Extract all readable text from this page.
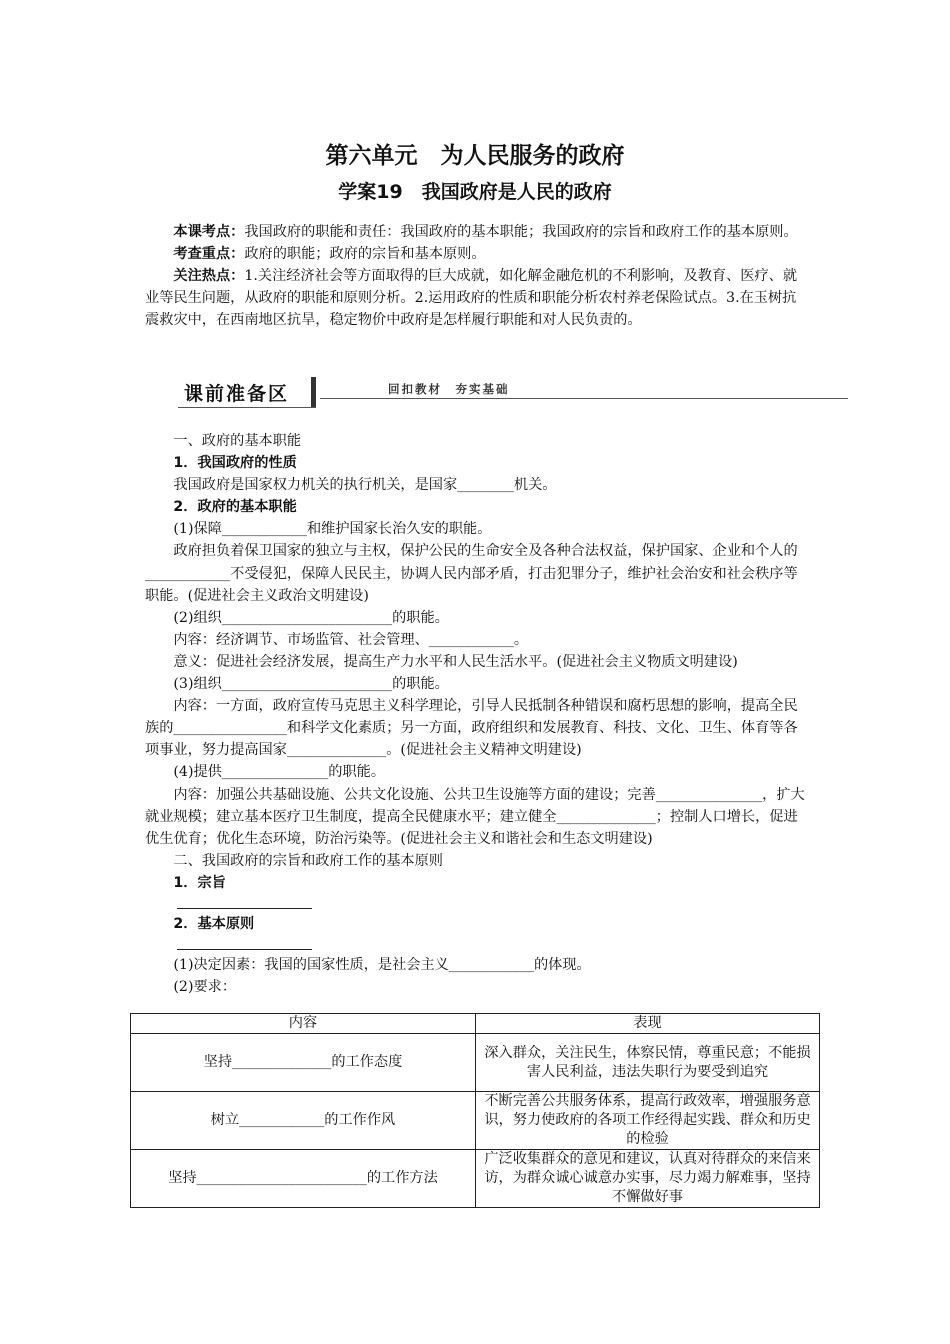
第六单元　为人民服务的政府
学案19　我国政府是人民的政府

本课考点：我国政府的职能和责任：我国政府的基本职能；我国政府的宗旨和政府工作的基本原则。

考查重点：政府的职能；政府的宗旨和基本原则。

关注热点：1.关注经济社会等方面取得的巨大成就，如化解金融危机的不利影响，及教育、医疗、就业等民生问题，从政府的职能和原则分析。2.运用政府的性质和职能分析农村养老保险试点。3.在玉树抗震救灾中，在西南地区抗旱，稳定物价中政府是怎样履行职能和对人民负责的。

课前准备区	回扣教材　夯实基础

一、政府的基本职能

1．我国政府的性质

我国政府是国家权力机关的执行机关，是国家________机关。

2．政府的基本职能

(1)保障____________和维护国家长治久安的职能。

政府担负着保卫国家的独立与主权，保护公民的生命安全及各种合法权益，保护国家、企业和个人的____________不受侵犯，保障人民民主，协调人民内部矛盾，打击犯罪分子，维护社会治安和社会秩序等职能。(促进社会主义政治文明建设)

(2)组织________________________的职能。

内容：经济调节、市场监管、社会管理、____________。

意义：促进社会经济发展，提高生产力水平和人民生活水平。(促进社会主义物质文明建设)

(3)组织________________________的职能。

内容：一方面，政府宣传马克思主义科学理论，引导人民抵制各种错误和腐朽思想的影响，提高全民族的________________和科学文化素质；另一方面，政府组织和发展教育、科技、文化、卫生、体育等各项事业，努力提高国家______________。(促进社会主义精神文明建设)

(4)提供_______________的职能。

内容：加强公共基础设施、公共文化设施、公共卫生设施等方面的建设；完善_______________，扩大就业规模；建立基本医疗卫生制度，提高全民健康水平；建立健全______________；控制人口增长，促进优生优育；优化生态环境，防治污染等。(促进社会主义和谐社会和生态文明建设)

二、我国政府的宗旨和政府工作的基本原则

1．宗旨

2．基本原则

(1)决定因素：我国的国家性质，是社会主义____________的体现。

(2)要求：

内容	表现
坚持______________的工作态度	深入群众，关注民生，体察民情，尊重民意；不能损害人民利益，违法失职行为要受到追究
树立____________的工作作风	不断完善公共服务体系，提高行政效率，增强服务意识，努力使政府的各项工作经得起实践、群众和历史的检验
坚持________________________的工作方法	广泛收集群众的意见和建议，认真对待群众的来信来访，为群众诚心诚意办实事，尽力竭力解难事，坚持不懈做好事
